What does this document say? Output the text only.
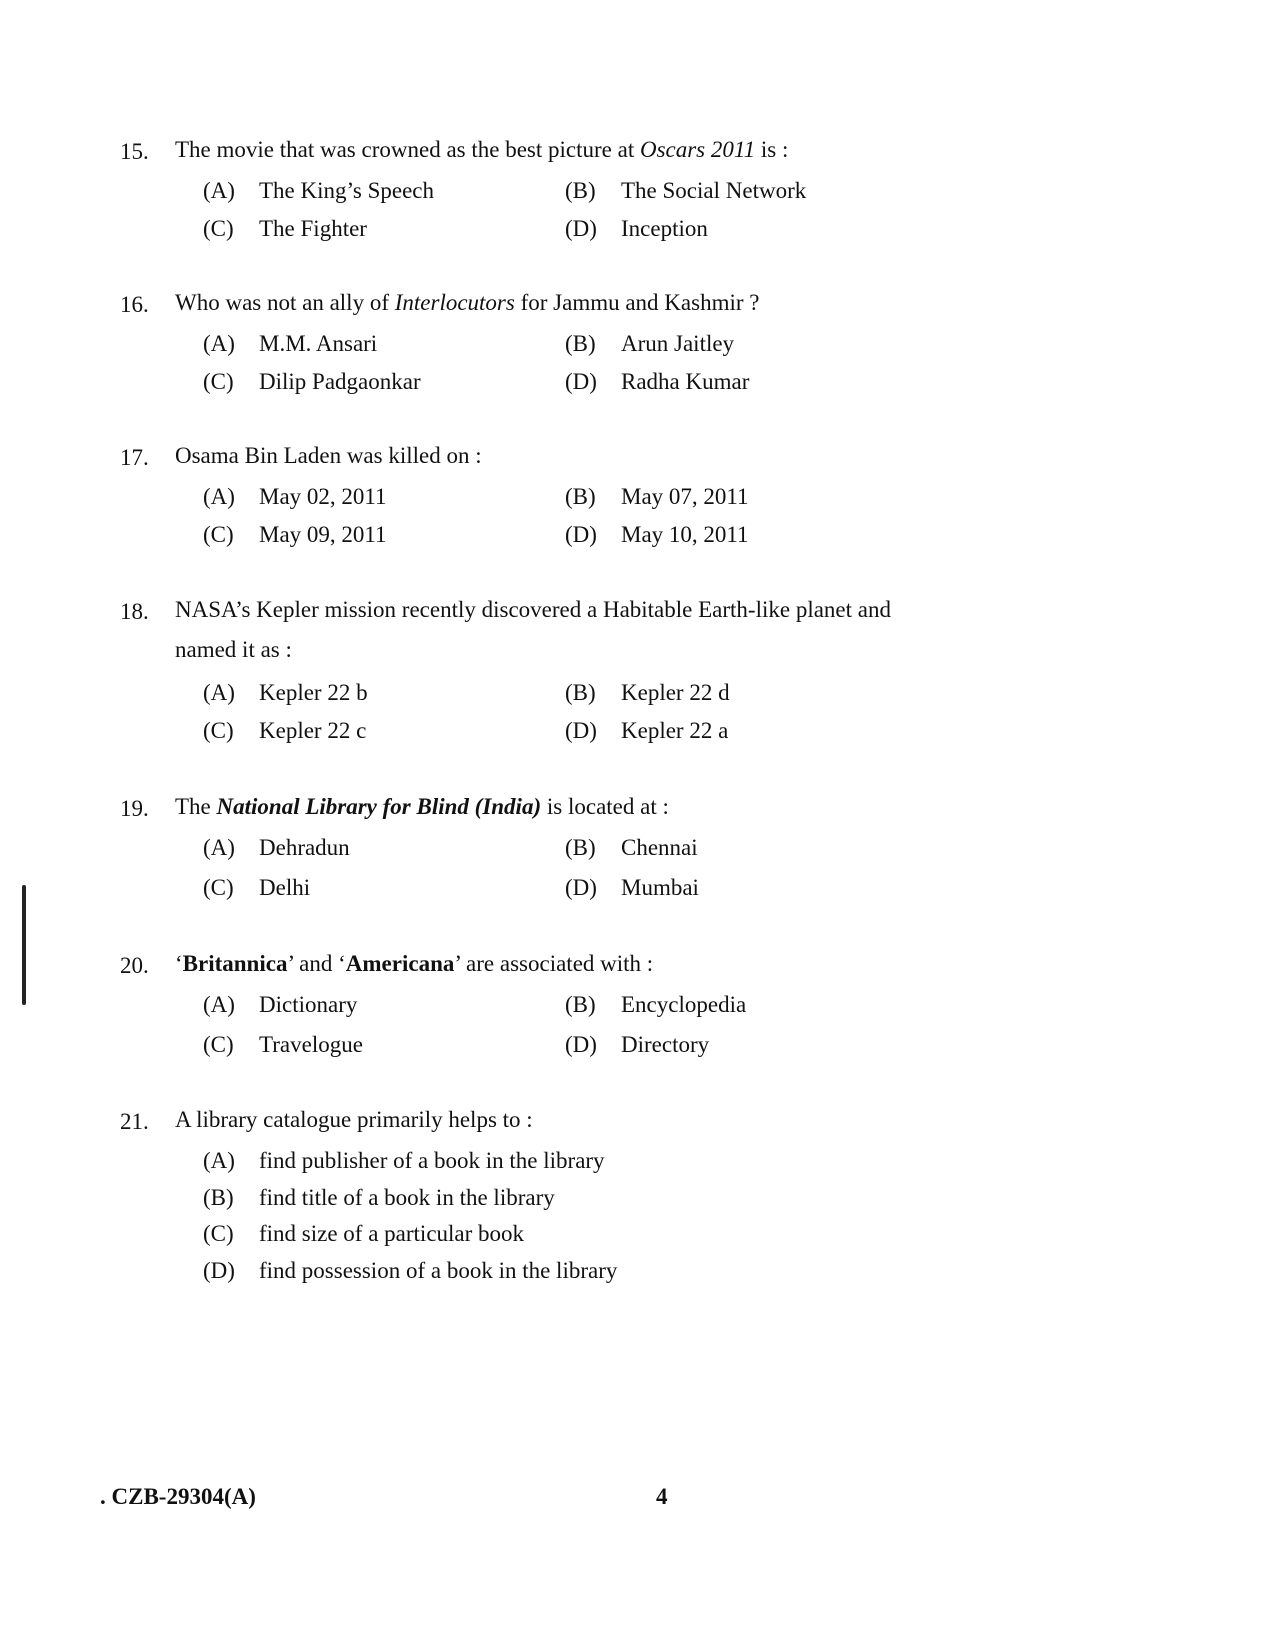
15. The movie that was crowned as the best picture at Oscars 2011 is :
(A) The King’s Speech	(B) The Social Network
(C) The Fighter	(D) Inception
16. Who was not an ally of Interlocutors for Jammu and Kashmir ?
(A) M.M. Ansari	(B) Arun Jaitley
(C) Dilip Padgaonkar	(D) Radha Kumar
17. Osama Bin Laden was killed on :
(A) May 02, 2011	(B) May 07, 2011
(C) May 09, 2011	(D) May 10, 2011
18. NASA’s Kepler mission recently discovered a Habitable Earth-like planet and named it as :
(A) Kepler 22 b	(B) Kepler 22 d
(C) Kepler 22 c	(D) Kepler 22 a
19. The National Library for Blind (India) is located at :
(A) Dehradun	(B) Chennai
(C) Delhi	(D) Mumbai
20. ‘Britannica’ and ‘Americana’ are associated with :
(A) Dictionary	(B) Encyclopedia
(C) Travelogue	(D) Directory
21. A library catalogue primarily helps to :
(A) find publisher of a book in the library
(B) find title of a book in the library
(C) find size of a particular book
(D) find possession of a book in the library
. CZB-29304(A)	4
